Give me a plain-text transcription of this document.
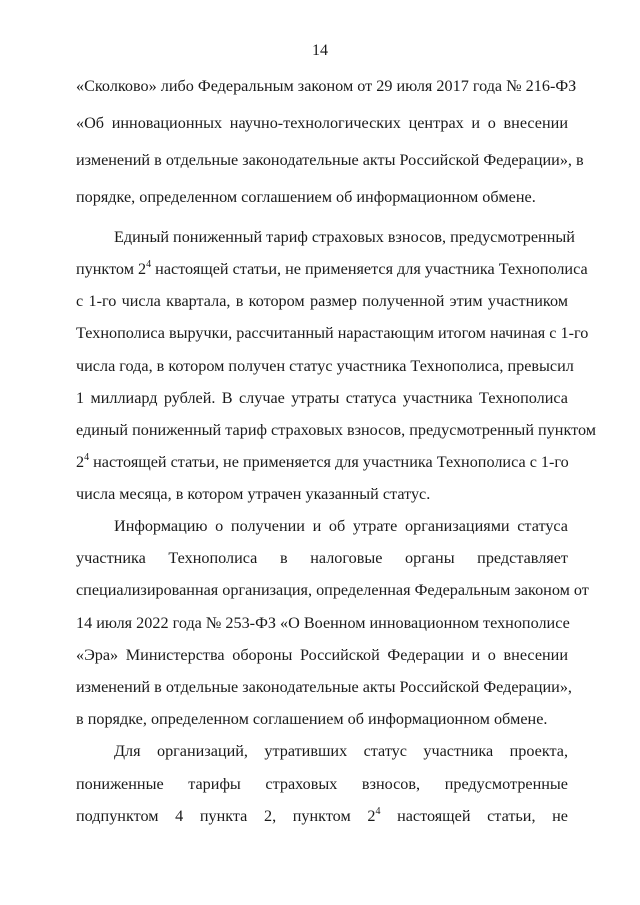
14
«Сколково» либо Федеральным законом от 29 июля 2017 года № 216-ФЗ
«Об инновационных научно-технологических центрах и о внесении
изменений в отдельные законодательные акты Российской Федерации», в
порядке, определенном соглашением об информационном обмене.
Единый пониженный тариф страховых взносов, предусмотренный
пунктом $2^4$ настоящей статьи, не применяется для участника Технополиса
с 1-го числа квартала, в котором размер полученной этим участником
Технополиса выручки, рассчитанный нарастающим итогом начиная с 1-го
числа года, в котором получен статус участника Технополиса, превысил
1 миллиард рублей. В случае утраты статуса участника Технополиса
единый пониженный тариф страховых взносов, предусмотренный пунктом
$2^4$ настоящей статьи, не применяется для участника Технополиса с 1-го
числа месяца, в котором утрачен указанный статус.
Информацию о получении и об утрате организациями статуса
участника Технополиса в налоговые органы представляет
специализированная организация, определенная Федеральным законом от
14 июля 2022 года № 253-ФЗ «О Военном инновационном технополисе
«Эра» Министерства обороны Российской Федерации и о внесении
изменений в отдельные законодательные акты Российской Федерации»,
в порядке, определенном соглашением об информационном обмене.
Для организаций, утративших статус участника проекта,
пониженные тарифы страховых взносов, предусмотренные
подпунктом 4 пункта 2, пунктом $2^4$ настоящей статьи, не
